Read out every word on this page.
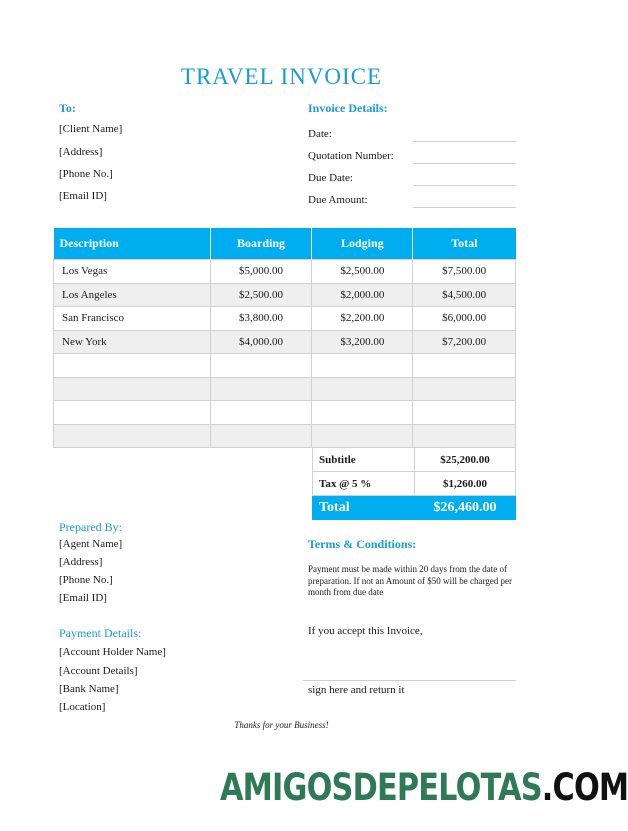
TRAVEL INVOICE
To:
[Client Name]
[Address]
[Phone No.]
[Email ID]
Invoice Details:
Date:
Quotation Number:
Due Date:
Due Amount:
Description	Boarding	Lodging	Total
Los Vegas	$5,000.00	$2,500.00	$7,500.00
Los Angeles	$2,500.00	$2,000.00	$4,500.00
San Francisco	$3,800.00	$2,200.00	$6,000.00
New York	$4,000.00	$3,200.00	$7,200.00

Subtitle	$25,200.00
Tax @ 5 %	$1,260.00
Total	$26,460.00
Prepared By:
[Agent Name]
[Address]
[Phone No.]
[Email ID]
Payment Details:
[Account Holder Name]
[Account Details]
[Bank Name]
[Location]
Terms & Conditions:
Payment must be made within 20 days from the date of preparation. If not an Amount of $50 will be charged per month from due date
If you accept this Invoice,
sign here and return it
Thanks for your Business!
AMIGOSDEPELOTAS.COM
